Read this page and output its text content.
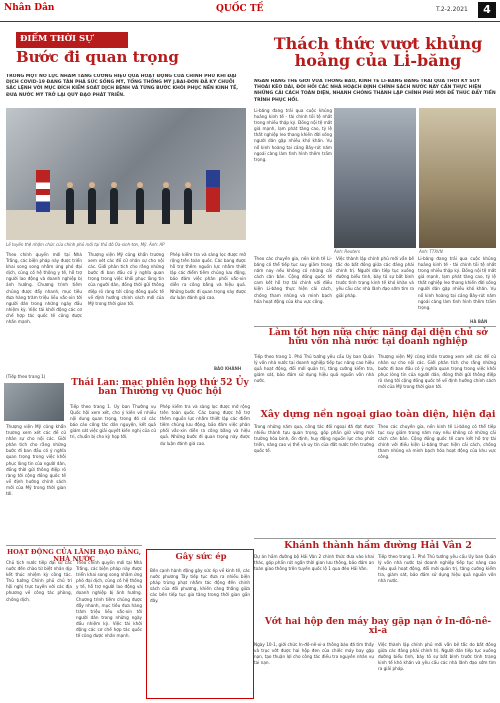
Nhân Dân	QUỐC TẾ	T.2-2.2021	4
ĐIỂM THỜI SỰ
Bước đi quan trọng
TRONG MỘT NỖ LỰC NHẰM TĂNG CƯỜNG HIỆU QUẢ HOẠT ĐỘNG CỦA CHÍNH PHỦ KHI ĐẠI DỊCH COVID-19 ĐANG TÀN PHÁ SỨC SỐNG MỸ, TỔNG THỐNG MỸ J.BAI-ĐƠN ĐÃ KÝ CHUỖI SẮC LỆNH VỚI MỤC ĐÍCH KIỂM SOÁT DỊCH BỆNH VÀ TỪNG BƯỚC KHÔI PHỤC NỀN KINH TẾ, ĐƯA NƯỚC MỸ TRỞ LẠI QUỸ ĐẠO PHÁT TRIỂN.
Lễ tuyên thệ nhậm chức của chính phủ mới tại thủ đô Oa-sinh-tơn, Mỹ. Ảnh: AP
Theo chính quyền mới tại Nhà Trắng, các biện pháp này được triển khai song song nhằm ứng phó đại dịch, củng cố hệ thống y tế, hỗ trợ người lao động và doanh nghiệp bị ảnh hưởng. Chương trình tiêm chủng được đẩy nhanh, mục tiêu đưa hàng trăm triệu liều vắc-xin tới người dân trong những ngày đầu nhiệm kỳ. Việc tái khởi động các cơ chế hợp tác quốc tế cũng được nhấn mạnh.
Thượng viện Mỹ cũng khẩn trương xem xét các đề cử nhân sự cho nội các. Giới phân tích cho rằng những bước đi ban đầu có ý nghĩa quan trọng trong việc khôi phục lòng tin của người dân, đồng thời gửi thông điệp rõ ràng tới cộng đồng quốc tế về định hướng chính sách mới của Mỹ trong thời gian tới.
Phép kiểm tra và sàng lọc được mở rộng trên toàn quốc. Các bang được hỗ trợ thêm nguồn lực nhằm thiết lập các điểm tiêm chủng lưu động, bảo đảm việc phân phối vắc-xin diễn ra công bằng và hiệu quả. Những bước đi quan trọng này được dư luận đánh giá cao.
BẢO KHÁNH
(Tiếp theo trang 1)
Thượng viện Mỹ cũng khẩn trương xem xét các đề cử nhân sự cho nội các. Giới phân tích cho rằng những bước đi ban đầu có ý nghĩa quan trọng trong việc khôi phục lòng tin của người dân, đồng thời gửi thông điệp rõ ràng tới cộng đồng quốc tế về định hướng chính sách mới của Mỹ trong thời gian tới.
Thái Lan: mạc phiên họp thứ 52 Ủy ban Thường vụ Quốc hội
Tiếp theo trang 1. Ủy ban Thường vụ Quốc hội xem xét, cho ý kiến về nhiều nội dung quan trọng, trong đó có các báo cáo công tác dân nguyện, kết quả giám sát việc giải quyết kiến nghị của cử tri, chuẩn bị cho kỳ họp tới.
Phép kiểm tra và sàng lọc được mở rộng trên toàn quốc. Các bang được hỗ trợ thêm nguồn lực nhằm thiết lập các điểm tiêm chủng lưu động, bảo đảm việc phân phối vắc-xin diễn ra công bằng và hiệu quả. Những bước đi quan trọng này được dư luận đánh giá cao.
HOẠT ĐỘNG CỦA LÃNH ĐẠO ĐẢNG, NHÀ NƯỚC
Chủ tịch nước tiếp đại sứ các nước đến chào từ biệt nhân dịp kết thúc nhiệm kỳ công tác. Thủ tướng Chính phủ chủ trì hội nghị trực tuyến với các địa phương về công tác phòng, chống dịch.
Theo chính quyền mới tại Nhà Trắng, các biện pháp này được triển khai song song nhằm ứng phó đại dịch, củng cố hệ thống y tế, hỗ trợ người lao động và doanh nghiệp bị ảnh hưởng. Chương trình tiêm chủng được đẩy nhanh, mục tiêu đưa hàng trăm triệu liều vắc-xin tới người dân trong những ngày đầu nhiệm kỳ. Việc tái khởi động các cơ chế hợp tác quốc tế cũng được nhấn mạnh.
Gây sức ép
Bên cạnh hành động gây sức ép về kinh tế, các nước phương Tây tiếp tục đưa ra nhiều biện pháp trừng phạt nhằm tác động đến chính sách của đối phương, khiến căng thẳng giữa các bên tiếp tục gia tăng trong thời gian gần đây.
Thách thức vượt khủng hoảng của Li-băng
NGÂN HÀNG THẾ GIỚI VỪA THÔNG BÁO, KINH TẾ LI-BĂNG ĐANG TRẢI QUA THỜI KỲ SUY THOÁI KÉO DÀI, ĐÒI HỎI CÁC NHÀ HOẠCH ĐỊNH CHÍNH SÁCH NƯỚC NÀY CẦN THỰC HIỆN NHỮNG CẢI CÁCH TOÀN DIỆN, NHANH CHÓNG THÀNH LẬP CHÍNH PHỦ MỚI ĐỂ THÚC ĐẨY TIẾN TRÌNH PHỤC HỒI.
Li-băng đang trải qua cuộc khủng hoảng kinh tế - tài chính tồi tệ nhất trong nhiều thập kỷ. Đồng nội tệ mất giá mạnh, lạm phát tăng cao, tỷ lệ thất nghiệp leo thang khiến đời sống người dân gặp nhiều khó khăn. Vụ nổ kinh hoàng tại cảng Bây-rút năm ngoái càng làm tình hình thêm trầm trọng.
Ảnh: Reuters	Ảnh: TTXVN
Theo các chuyên gia, nền kinh tế Li-băng có thể tiếp tục suy giảm trong năm nay nếu không có những cải cách căn bản. Cộng đồng quốc tế cam kết hỗ trợ tài chính với điều kiện Li-băng thực hiện cải cách, chống tham nhũng và minh bạch hóa hoạt động của khu vực công.
Việc thành lập chính phủ mới vẫn bế tắc do bất đồng giữa các đảng phái chính trị. Người dân tiếp tục xuống đường biểu tình, bày tỏ sự bất bình trước tình trạng kinh tế khó khăn và yêu cầu các nhà lãnh đạo sớm tìm ra giải pháp.
Li-băng đang trải qua cuộc khủng hoảng kinh tế - tài chính tồi tệ nhất trong nhiều thập kỷ. Đồng nội tệ mất giá mạnh, lạm phát tăng cao, tỷ lệ thất nghiệp leo thang khiến đời sống người dân gặp nhiều khó khăn. Vụ nổ kinh hoàng tại cảng Bây-rút năm ngoái càng làm tình hình thêm trầm trọng.
HÀ BẢN
Làm tốt hơn nữa chức năng đại diện chủ sở hữu vốn nhà nước tại doanh nghiệp
Tiếp theo trang 1. Phó Thủ tướng yêu cầu Ủy ban Quản lý vốn nhà nước tại doanh nghiệp tiếp tục nâng cao hiệu quả hoạt động, đổi mới quản trị, tăng cường kiểm tra, giám sát, bảo đảm sử dụng hiệu quả nguồn vốn nhà nước.
Thượng viện Mỹ cũng khẩn trương xem xét các đề cử nhân sự cho nội các. Giới phân tích cho rằng những bước đi ban đầu có ý nghĩa quan trọng trong việc khôi phục lòng tin của người dân, đồng thời gửi thông điệp rõ ràng tới cộng đồng quốc tế về định hướng chính sách mới của Mỹ trong thời gian tới.
Xây dựng nền ngoại giao toàn diện, hiện đại
Trong những năm qua, công tác đối ngoại đã đạt được nhiều thành tựu quan trọng, góp phần giữ vững môi trường hòa bình, ổn định, huy động nguồn lực cho phát triển, nâng cao vị thế và uy tín của đất nước trên trường quốc tế.
Theo các chuyên gia, nền kinh tế Li-băng có thể tiếp tục suy giảm trong năm nay nếu không có những cải cách căn bản. Cộng đồng quốc tế cam kết hỗ trợ tài chính với điều kiện Li-băng thực hiện cải cách, chống tham nhũng và minh bạch hóa hoạt động của khu vực công.
Khánh thành hầm đường Hải Vân 2
Dự án hầm đường bộ Hải Vân 2 chính thức đưa vào khai thác, góp phần rút ngắn thời gian lưu thông, bảo đảm an toàn giao thông trên tuyến quốc lộ 1 qua đèo Hải Vân.
Tiếp theo trang 1. Phó Thủ tướng yêu cầu Ủy ban Quản lý vốn nhà nước tại doanh nghiệp tiếp tục nâng cao hiệu quả hoạt động, đổi mới quản trị, tăng cường kiểm tra, giám sát, bảo đảm sử dụng hiệu quả nguồn vốn nhà nước.
Vớt hai hộp đen máy bay gặp nạn ở In-đô-nê-xi-a
Ngày 10-1, giới chức In-đô-nê-xi-a thông báo đã tìm thấy và trục vớt được hai hộp đen của chiếc máy bay gặp nạn, tạo thuận lợi cho công tác điều tra nguyên nhân vụ tai nạn.
Việc thành lập chính phủ mới vẫn bế tắc do bất đồng giữa các đảng phái chính trị. Người dân tiếp tục xuống đường biểu tình, bày tỏ sự bất bình trước tình trạng kinh tế khó khăn và yêu cầu các nhà lãnh đạo sớm tìm ra giải pháp.
